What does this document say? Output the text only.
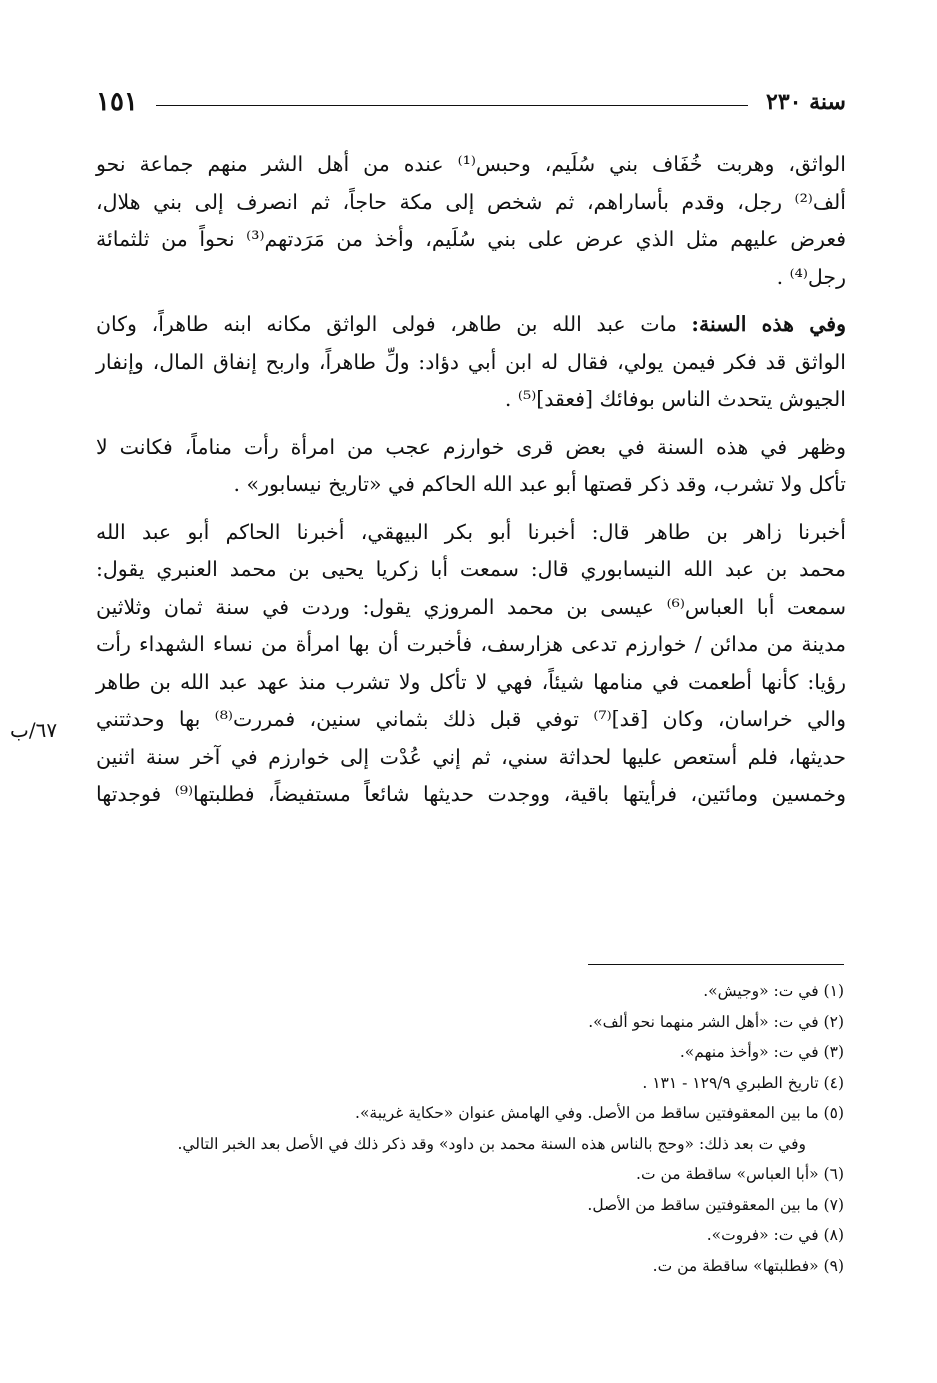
سنة ٢٣٠
١٥١
٦٧/ب

الواثق، وهربت خُفَاف بني سُلَيم، وحبس⁽¹⁾ عنده من أهل الشر منهم جماعة نحو
ألف⁽²⁾ رجل، وقدم بأساراهم، ثم شخص إلى مكة حاجاً، ثم انصرف إلى بني هلال،
فعرض عليهم مثل الذي عرض على بني سُلَيم، وأخذ من مَرَدتهم⁽³⁾ نحواً من ثلثمائة
رجل⁽⁴⁾ .

وفي هذه السنة: مات عبد الله بن طاهر، فولى الواثق مكانه ابنه طاهراً، وكان
الواثق قد فكر فيمن يولي، فقال له ابن أبي دؤاد: ولِّ طاهراً، واربح إنفاق المال، وإنفار
الجيوش يتحدث الناس بوفائك [فعقد]⁽⁵⁾ .

وظهر في هذه السنة في بعض قرى خوارزم عجب من امرأة رأت مناماً، فكانت لا
تأكل ولا تشرب، وقد ذكر قصتها أبو عبد الله الحاكم في «تاريخ نيسابور» .

أخبرنا زاهر بن طاهر قال: أخبرنا أبو بكر البيهقي، أخبرنا الحاكم أبو عبد الله
محمد بن عبد الله النيسابوري قال: سمعت أبا زكريا يحيى بن محمد العنبري يقول:
سمعت أبا العباس⁽⁶⁾ عيسى بن محمد المروزي يقول: وردت في سنة ثمان وثلاثين
مدينة من مدائن / خوارزم تدعى هزارسف، فأخبرت أن بها امرأة من نساء الشهداء رأت
رؤيا: كأنها أطعمت في منامها شيئاً، فهي لا تأكل ولا تشرب منذ عهد عبد الله بن طاهر
والي خراسان، وكان [قد]⁽⁷⁾ توفي قبل ذلك بثماني سنين، فمررت⁽⁸⁾ بها وحدثتني
حديثها، فلم أستعص عليها لحداثة سني، ثم إني عُدْت إلى خوارزم في آخر سنة اثنين
وخمسين ومائتين، فرأيتها باقية، ووجدت حديثها شائعاً مستفيضاً، فطلبتها⁽⁹⁾ فوجدتها

(١) في ت: «وجيش».
(٢) في ت: «أهل الشر منهما نحو ألف».
(٣) في ت: «وأخذ منهم».
(٤) تاريخ الطبري ١٢٩/٩ - ١٣١ .
(٥) ما بين المعقوفتين ساقط من الأصل. وفي الهامش عنوان «حكاية غريبة».
وفي ت بعد ذلك: «وحج بالناس هذه السنة محمد بن داود» وقد ذكر ذلك في الأصل بعد الخبر التالي.
(٦) «أبا العباس» ساقطة من ت.
(٧) ما بين المعقوفتين ساقط من الأصل.
(٨) في ت: «فروت».
(٩) «فطلبتها» ساقطة من ت.
